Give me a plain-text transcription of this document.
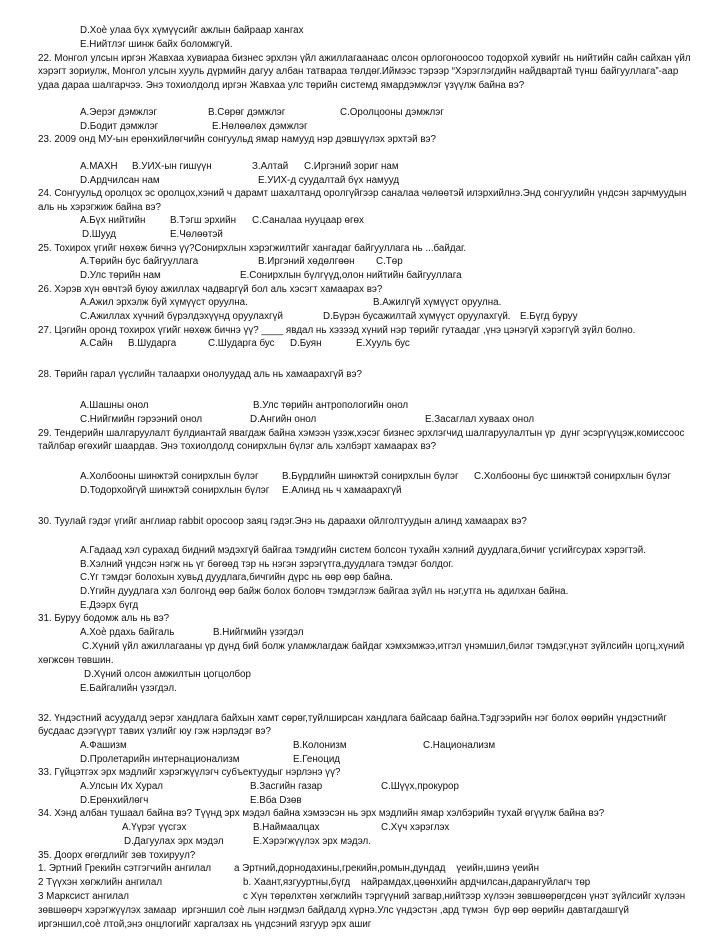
D.Хоѐ улаа бүх хүмүүсийг ажлын байраар хангах
E.Нийтлэг шинж байх боломжгүй.
22. Монгол улсын иргэн Жавхаа хувиараа бизнес эрхлэн үйл ажиллагаанаас олсон орлогоноосоо тодорхой хувийг нь нийтийн сайн сайхан үйл
хэрэгт зориулж, Монгол улсын хууль дүрмийн дагуу албан татвараа төлдөг.Иймээс тэрээр “Хэрэглэгдийн найдвартай түнш байгууллага”-аар
удаа дараа шалгарчээ. Энэ тохиолдолд иргэн Жавхаа улс төрийн системд ямардэмжлэг үзүүлж байна вэ?
A.Эерэг дэмжлэг	B.Сөрөг дэмжлэг	C.Оролцооны дэмжлэг
D.Бодит дэмжлэг	E.Нөлөөлөх дэмжлэг
23. 2009 онд МУ-ын ерөнхийлөгчийн сонгуульд ямар намууд нэр дэвшүүлэх эрхтэй вэ?
A.МАХН B.УИХ-ын гишүүн	З.Алтай C.Иргэний зориг нам
D.Ардчилсан нам	E.УИХ-д суудалтай бүх намууд
24. Сонгуульд оролцох эс оролцох,хэний ч дарамт шахалтанд оролгүйгээр саналаа чөлөөтэй илэрхийлнэ.Энд сонгуулийн үндсэн зарчмуудын
аль нь хэрэгжиж байна вэ?
A.Бүх нийтийн	B.Тэгш эрхийн C.Саналаа нууцаар өгөх
D.Шууд	E.Чөлөөтэй
25. Тохирох үгийг нөхөж бичнэ үү?Сонирхлын хэрэгжилтийг хангадаг байгууллага нь ...байдаг.
A.Төрийн бус байгууллага	B.Иргэний хөдөлгөөн C.Төр
D.Улс төрийн нам	E.Сонирхлын бүлгүүд,олон нийтийн байгууллага
26. Хэрэв хүн өвчтэй буюу ажиллах чадваргүй бол аль хэсэгт хамаарах вэ?
A.Ажил эрхэлж буй хүмүүст оруулна.	B.Ажилгүй хүмүүст оруулна.
C.Ажиллах хүчний бүрэлдэхүүнд оруулахгүй	D.Бүрэн бусажилтай хүмүүст оруулахгүй. E.Бүгд буруу
27. Цэгийн оронд тохирох үгийг нөхөж бичнэ үү? ____ явдал нь хэзээд хүний нэр төрийг гутаадаг ,үнэ цэнэгүй хэрэггүй зүйл болно.
A.Сайн B.Шударга	C.Шударга бус D.Буян	E.Хууль бус
28. Төрийн гарал үүслийн талаархи онолуудад аль нь хамаарахгүй вэ?
A.Шашны онол	B.Улс төрийн антропологийн онол
C.Нийгмийн гэрээний онол	D.Ангийн онол	E.Засаглал хуваах онол
29. Тендерийн шалгаруулалт булдиантай явагдаж байна хэмээн үзэж,хэсэг бизнес эрхлэгчид шалгаруулалтын үр  дүнг эсэргүүцэж,комиссоос
тайлбар өгөхийг шаардав. Энэ тохиолдолд сонирхлын бүлэг аль хэлбэрт хамаарах вэ?
A.Холбооны шинжтэй сонирхлын бүлэг B.Бүрдлийн шинжтэй сонирхлын бүлэг C.Холбооны бус шинжтэй сонирхлын бүлэг
D.Тодорхойгүй шинжтэй сонирхлын бүлэг E.Алинд нь ч хамаарахгүй
30. Туулай гэдэг үгийг англиар rabbit оросоор заяц гэдэг.Энэ нь дараахи ойлголтуудын алинд хамаарах вэ?
A.Гадаад хэл сурахад бидний мэдэхгүй байгаа тэмдгийн систем болсон тухайн хэлний дуудлага,бичиг үсгийгсурах хэрэгтэй.
B.Хэлний үндсэн нэгж нь үг бөгөөд тэр нь нэгэн зэрэгүтга,дуудлага тэмдэг болдог.
C.Үг тэмдэг болохын хувьд дуудлага,бичгийн дүрс нь өөр өөр байна.
D.Үгийн дуудлага хэл болгонд өөр байж болох боловч тэмдэглэж байгаа зүйл нь нэг,утга нь адилхан байна.
E.Дээрх бүгд
31. Буруу бодомж аль нь вэ?
A.Хоѐ рдахь байгаль	B.Нийгмийн үзэгдэл
C.Хүний үйл ажиллагааны үр дүнд бий болж уламжлагдаж байдаг хэмхэмжээ,итгэл үнэмшил,билэг тэмдэг,үнэт зүйлсийн цогц,хүний
хөгжсөн төвшин.
D.Хүний олсон амжилтын цогцолбор
E.Байгалийн үзэгдэл.
32. Үндэстний асуудалд эерэг хандлага байхын хамт сөрөг,туйлширсан хандлага байсаар байна.Тэдгээрийн нэг болох өөрийн үндэстнийг
бусдаас дээгүүрт тавих үзлийг юу гэж нэрлэдэг вэ?
A.Фашизм	B.Колонизм	C.Национализм
D.Пролетарийн интернационализм	E.Геноцид
33. Гүйцэтгэх эрх мэдлийг хэрэгжүүлэгч субъектуудыг нэрлэнэ үү?
A.Улсын Их Хурал	B.Засгийн газар	C.Шүүх,прокурор
D.Ерөнхийлөгч	E.Вба Dзөв
34. Хэнд албан тушаал байна вэ? Түүнд эрх мэдэл байна хэмээсэн нь эрх мэдлийн ямар хэлбэрийн тухай өгүүлж байна вэ?
A.Үүрэг үүсгэх	B.Наймаалцах	C.Хүч хэрэглэх
D.Дагуулах эрх мэдэл	E.Хэрэгжүүлэх эрх мэдэл.
35. Доорх өгөгдлийг зөв тохируул?
1. Эртний Грекийн сэтгэгчийн ангилал a Эртний,дорнодахины,грекийн,ромын,дундад    үеийн,шинэ үеийн
2 Түүхэн хөгжлийн ангилал	b. Хаант,язгууртны,бүгд    найрамдах,цөөнхийн ардчилсан,дарангуйлагч төр
3 Марксист ангилал	c Хүн төрөлхтөн хөгжлийн тэргүүний загвар,нийтээр хүлээн зөвшөөрөгдсөн үнэт зүйлсийг хүлээн
зөвшөөрч хэрэгжүүлэх замаар  иргэншил соѐ лын нэгдмэл байдалд хүрнэ.Улс үндэстэн ,ард түмэн  бүр өөр өөрийн давтагдашгүй
иргэншил,соѐ лтой,энэ онцлогийг харгалзах нь үндсэний язгуур эрх ашиг
